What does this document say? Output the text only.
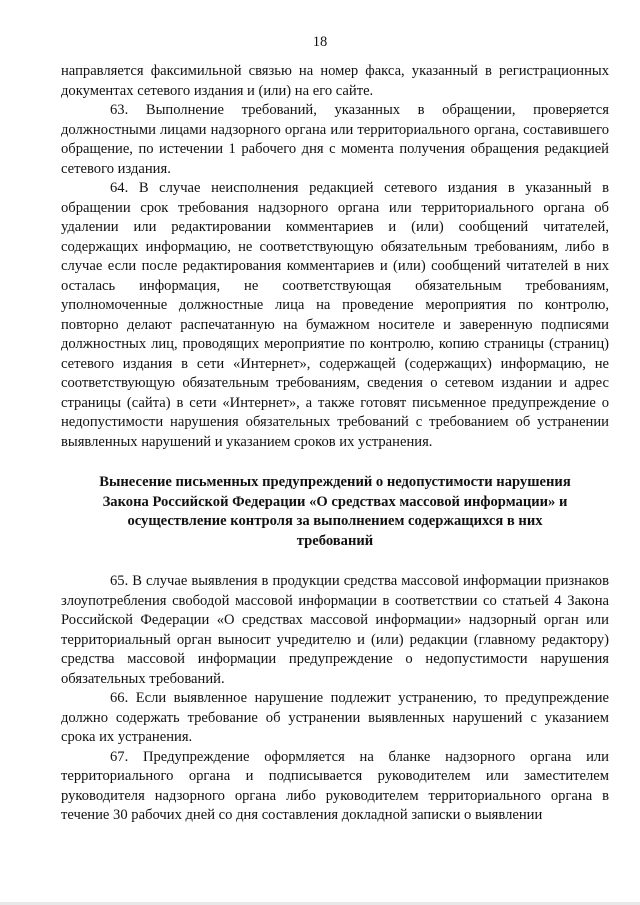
18

направляется факсимильной связью на номер факса, указанный в регистрационных документах сетевого издания и (или) на его сайте.

63. Выполнение требований, указанных в обращении, проверяется должностными лицами надзорного органа или территориального органа, составившего обращение, по истечении 1 рабочего дня с момента получения обращения редакцией сетевого издания.

64. В случае неисполнения редакцией сетевого издания в указанный в обращении срок требования надзорного органа или территориального органа об удалении или редактировании комментариев и (или) сообщений читателей, содержащих информацию, не соответствующую обязательным требованиям, либо в случае если после редактирования комментариев и (или) сообщений читателей в них осталась информация, не соответствующая обязательным требованиям, уполномоченные должностные лица на проведение мероприятия по контролю, повторно делают распечатанную на бумажном носителе и заверенную подписями должностных лиц, проводящих мероприятие по контролю, копию страницы (страниц) сетевого издания в сети «Интернет», содержащей (содержащих) информацию, не соответствующую обязательным требованиям, сведения о сетевом издании и адрес страницы (сайта) в сети «Интернет», а также готовят письменное предупреждение о недопустимости нарушения обязательных требований с требованием об устранении выявленных нарушений и указанием сроков их устранения.

Вынесение письменных предупреждений о недопустимости нарушения Закона Российской Федерации «О средствах массовой информации» и осуществление контроля за выполнением содержащихся в них требований

65. В случае выявления в продукции средства массовой информации признаков злоупотребления свободой массовой информации в соответствии со статьей 4 Закона Российской Федерации «О средствах массовой информации» надзорный орган или территориальный орган выносит учредителю и (или) редакции (главному редактору) средства массовой информации предупреждение о недопустимости нарушения обязательных требований.

66. Если выявленное нарушение подлежит устранению, то предупреждение должно содержать требование об устранении выявленных нарушений с указанием срока их устранения.

67. Предупреждение оформляется на бланке надзорного органа или территориального органа и подписывается руководителем или заместителем руководителя надзорного органа либо руководителем территориального органа в течение 30 рабочих дней со дня составления докладной записки о выявлении
